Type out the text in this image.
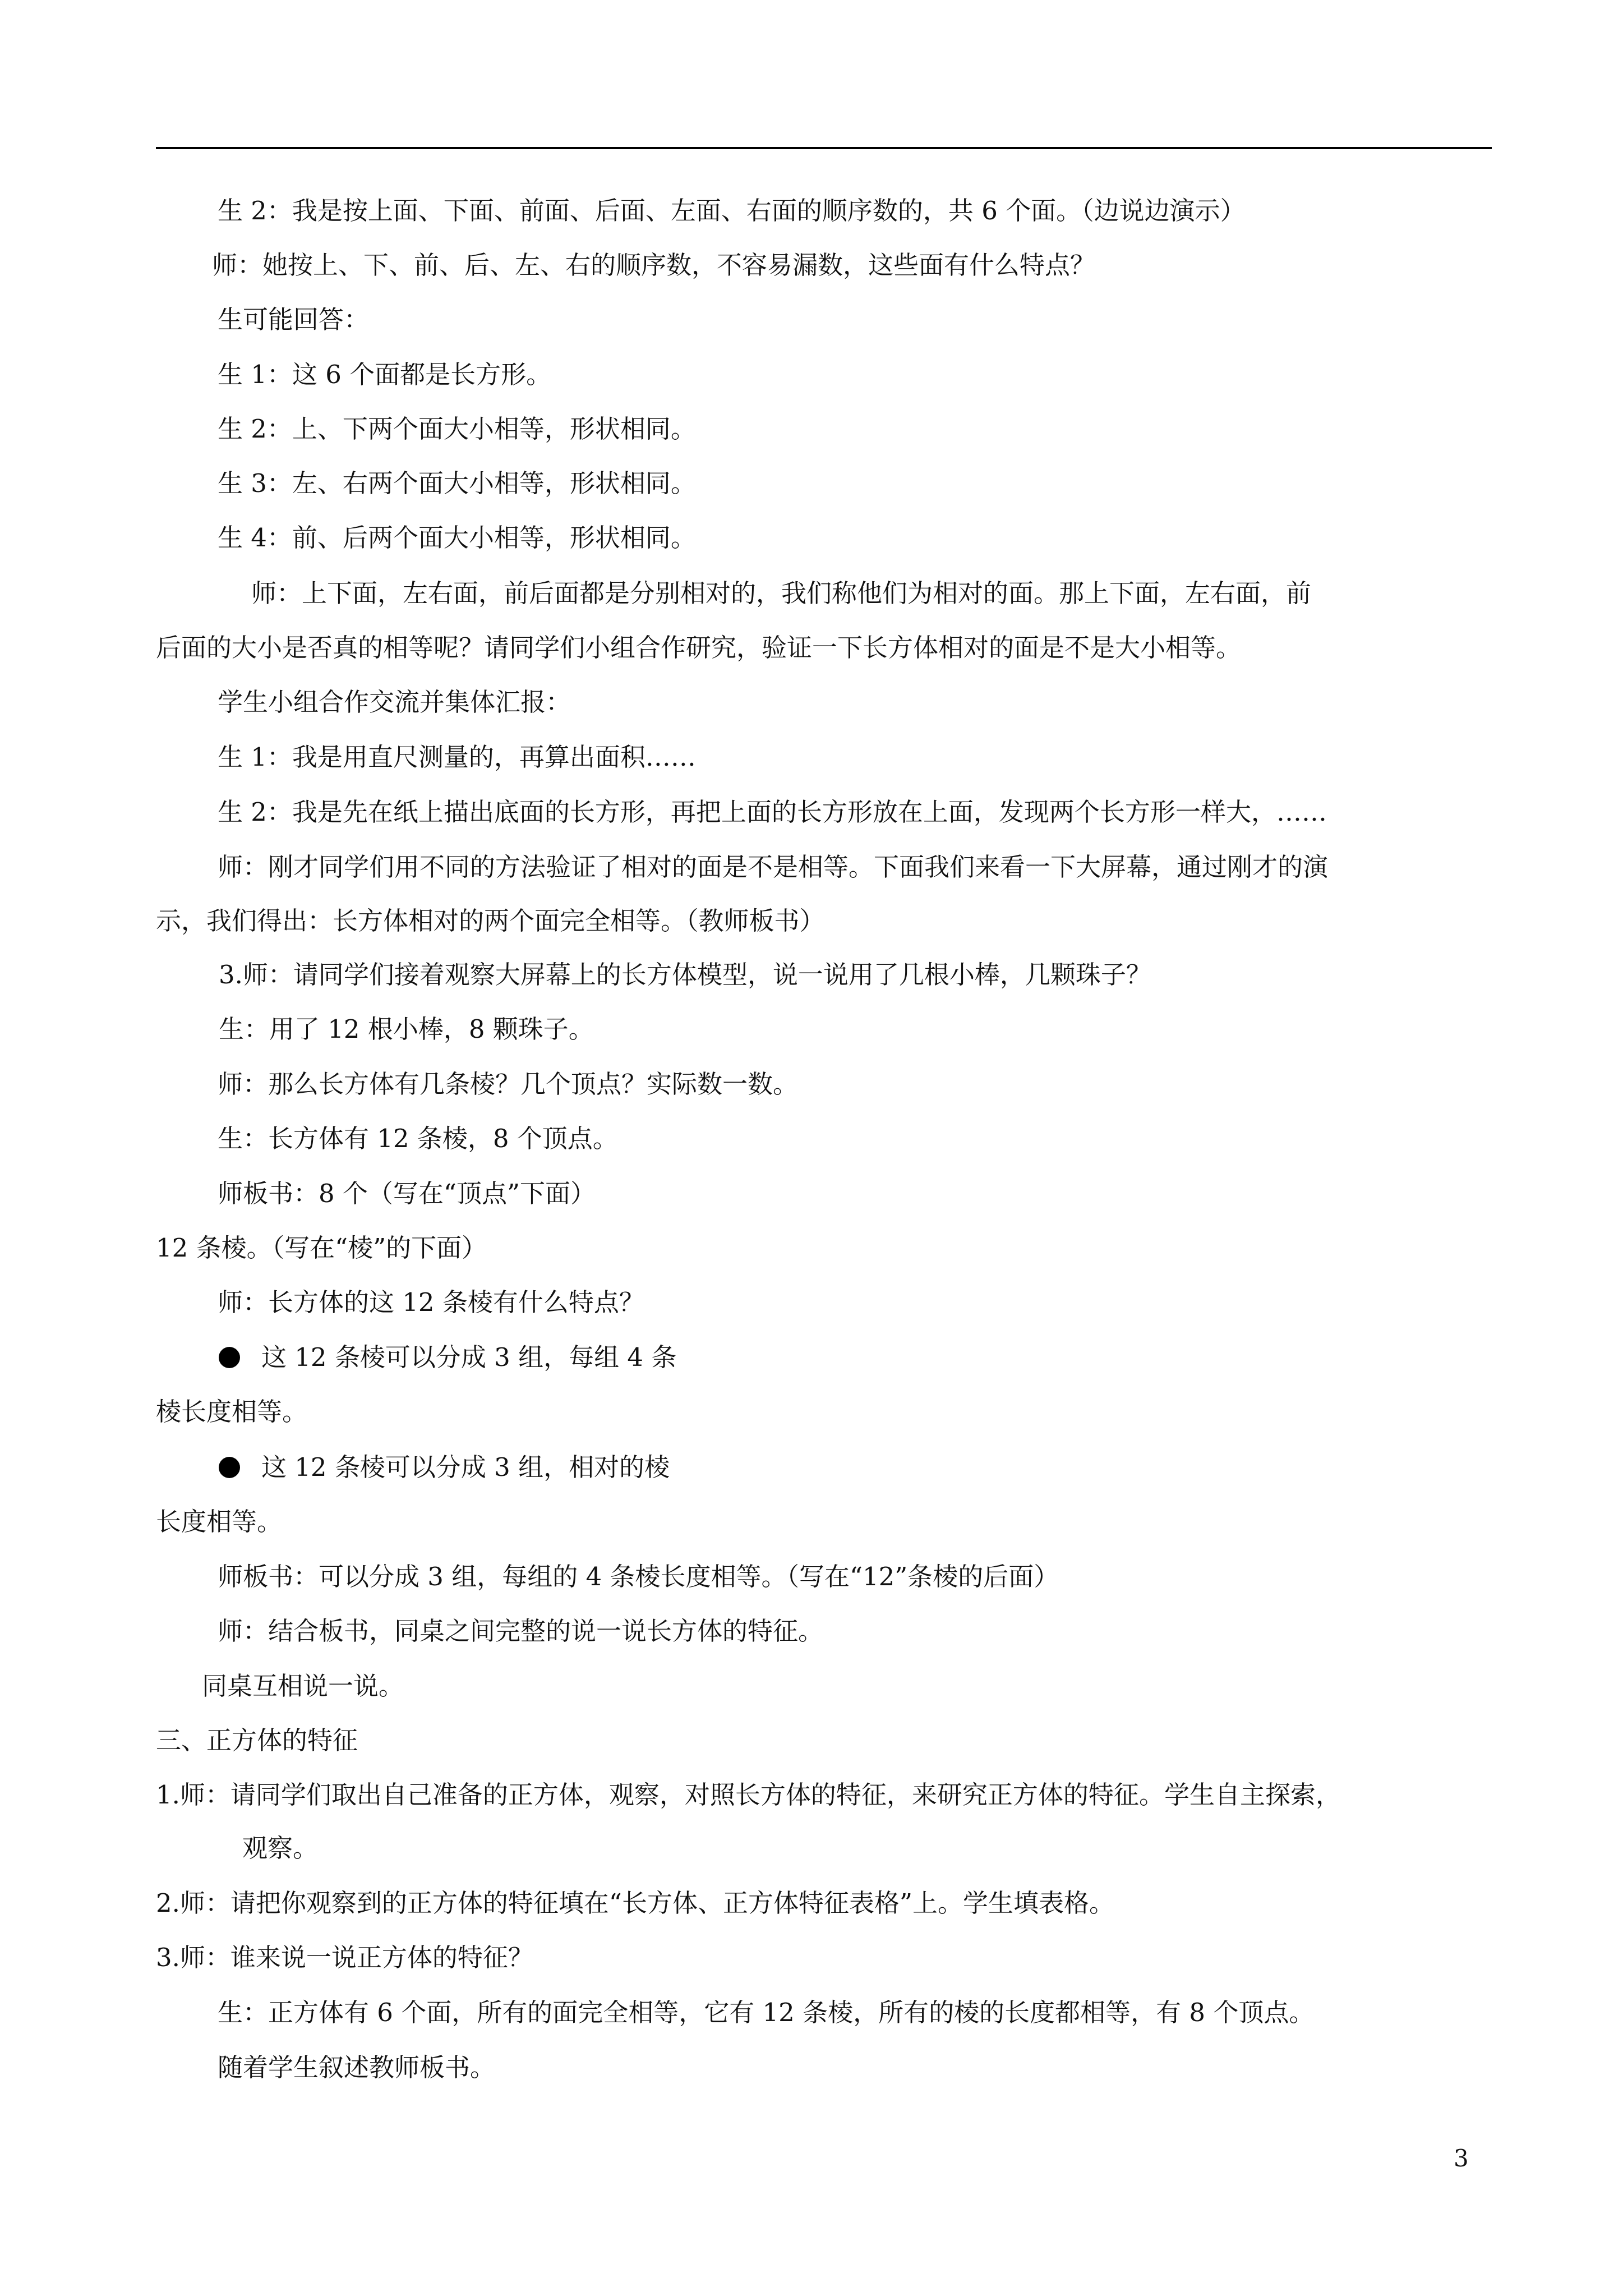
生 2：我是按上面、下面、前面、后面、左面、右面的顺序数的，共 6 个面。（边说边演示）

师：她按上、下、前、后、左、右的顺序数，不容易漏数，这些面有什么特点？

生可能回答：

生 1：这 6 个面都是长方形。

生 2：上、下两个面大小相等，形状相同。

生 3：左、右两个面大小相等，形状相同。

生 4：前、后两个面大小相等，形状相同。

师：上下面，左右面，前后面都是分别相对的，我们称他们为相对的面。那上下面，左右面，前

后面的大小是否真的相等呢？请同学们小组合作研究，验证一下长方体相对的面是不是大小相等。

学生小组合作交流并集体汇报：

生 1：我是用直尺测量的，再算出面积……

生 2：我是先在纸上描出底面的长方形，再把上面的长方形放在上面，发现两个长方形一样大，……

师：刚才同学们用不同的方法验证了相对的面是不是相等。下面我们来看一下大屏幕，通过刚才的演

示，我们得出：长方体相对的两个面完全相等。（教师板书）

3.师：请同学们接着观察大屏幕上的长方体模型，说一说用了几根小棒，几颗珠子？

生：用了 12 根小棒，8 颗珠子。

师：那么长方体有几条棱？几个顶点？实际数一数。

生：长方体有 12 条棱，8 个顶点。

师板书：8 个（写在“顶点”下面）

12 条棱。（写在“棱”的下面）

师：长方体的这 12 条棱有什么特点？

这 12 条棱可以分成 3 组，每组 4 条

棱长度相等。

这 12 条棱可以分成 3 组，相对的棱

长度相等。

师板书：可以分成 3 组，每组的 4 条棱长度相等。（写在“12”条棱的后面）

师：结合板书，同桌之间完整的说一说长方体的特征。

同桌互相说一说。

三、正方体的特征

1.师：请同学们取出自己准备的正方体，观察，对照长方体的特征，来研究正方体的特征。学生自主探索，

观察。

2.师：请把你观察到的正方体的特征填在“长方体、正方体特征表格”上。学生填表格。

3.师：谁来说一说正方体的特征？

生：正方体有 6 个面，所有的面完全相等，它有 12 条棱，所有的棱的长度都相等，有 8 个顶点。

随着学生叙述教师板书。

3
